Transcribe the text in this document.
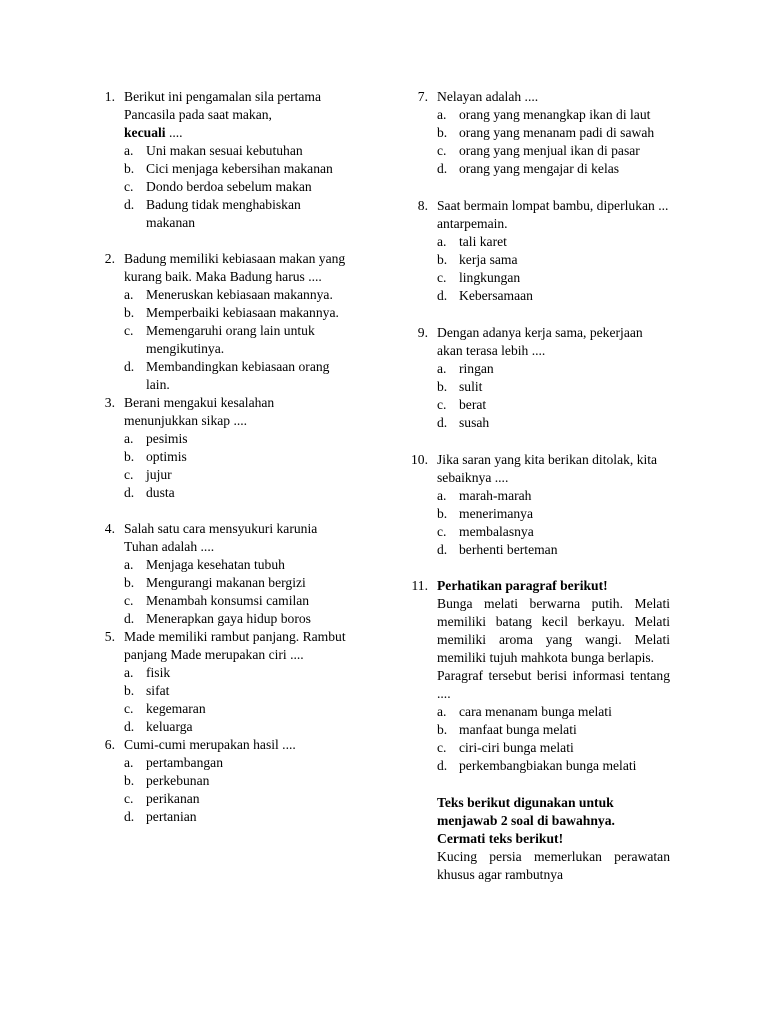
1. Berikut ini pengamalan sila pertama Pancasila pada saat makan,
kecuali ....
a. Uni makan sesuai kebutuhan
b. Cici menjaga kebersihan makanan
c. Dondo berdoa sebelum makan
d. Badung tidak menghabiskan makanan
2. Badung memiliki kebiasaan makan yang kurang baik. Maka Badung harus ....
a. Meneruskan kebiasaan makannya.
b. Memperbaiki kebiasaan makannya.
c. Memengaruhi orang lain untuk mengikutinya.
d. Membandingkan kebiasaan orang lain.
3. Berani mengakui kesalahan menunjukkan sikap ....
a. pesimis
b. optimis
c. jujur
d. dusta
4. Salah satu cara mensyukuri karunia Tuhan adalah ....
a. Menjaga kesehatan tubuh
b. Mengurangi makanan bergizi
c. Menambah konsumsi camilan
d. Menerapkan gaya hidup boros
5. Made memiliki rambut panjang. Rambut panjang Made merupakan ciri ....
a. fisik
b. sifat
c. kegemaran
d. keluarga
6. Cumi-cumi merupakan hasil ....
a. pertambangan
b. perkebunan
c. perikanan
d. pertanian
7. Nelayan adalah ....
a. orang yang menangkap ikan di laut
b. orang yang menanam padi di sawah
c. orang yang menjual ikan di pasar
d. orang yang mengajar di kelas
8. Saat bermain lompat bambu, diperlukan ... antarpemain.
a. tali karet
b. kerja sama
c. lingkungan
d. Kebersamaan
9. Dengan adanya kerja sama, pekerjaan akan terasa lebih ....
a. ringan
b. sulit
c. berat
d. susah
10. Jika saran yang kita berikan ditolak, kita sebaiknya ....
a. marah-marah
b. menerimanya
c. membalasnya
d. berhenti berteman
11. Perhatikan paragraf berikut!
Bunga melati berwarna putih. Melati memiliki batang kecil berkayu. Melati memiliki aroma yang wangi. Melati memiliki tujuh mahkota bunga berlapis.
Paragraf tersebut berisi informasi tentang ....
a. cara menanam bunga melati
b. manfaat bunga melati
c. ciri-ciri bunga melati
d. perkembangbiakan bunga melati
Teks berikut digunakan untuk menjawab 2 soal di bawahnya.
Cermati teks berikut!
Kucing persia memerlukan perawatan khusus agar rambutnya
